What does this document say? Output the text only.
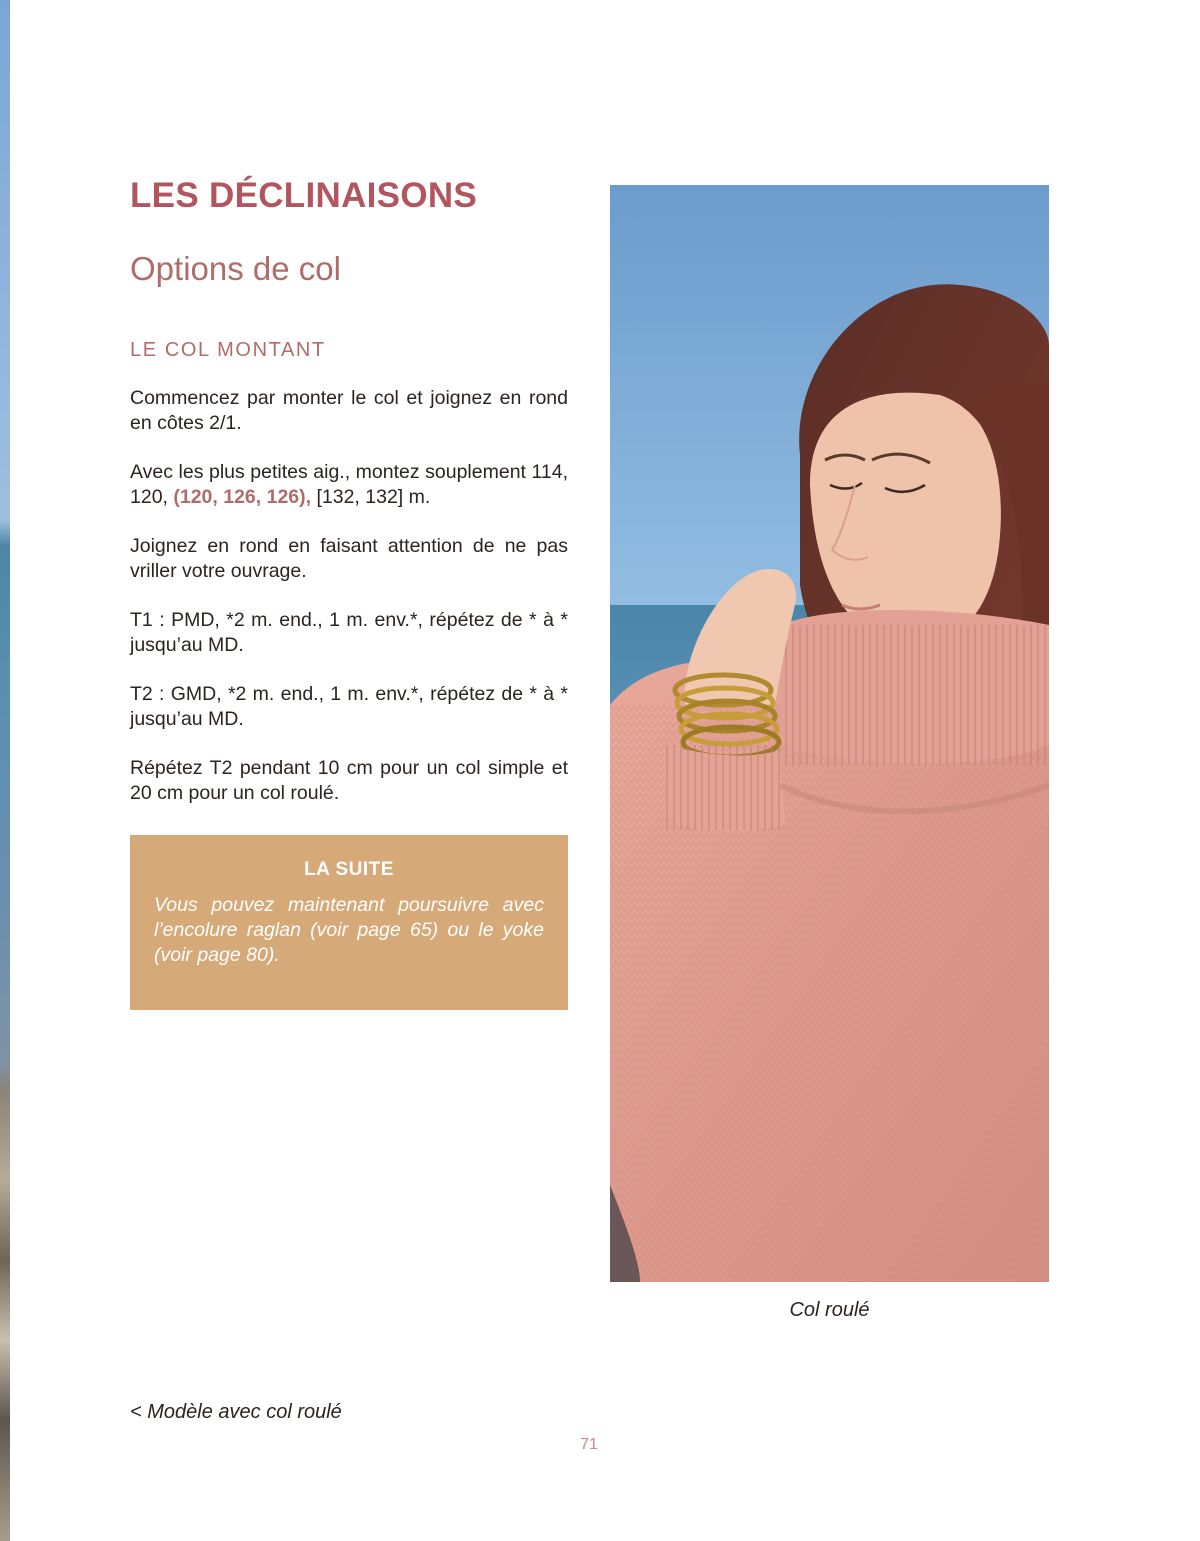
LES DÉCLINAISONS
Options de col
LE COL MONTANT

Commencez par monter le col et joignez en rond en côtes 2/1.

Avec les plus petites aig., montez souplement 114, 120, (120, 126, 126), [132, 132] m.

Joignez en rond en faisant attention de ne pas vriller votre ouvrage.

T1 : PMD, *2 m. end., 1 m. env.*, répétez de * à * jusqu’au MD.

T2 : GMD, *2 m. end., 1 m. env.*, répétez de * à * jusqu’au MD.

Répétez T2 pendant 10 cm pour un col simple et 20 cm pour un col roulé.

LA SUITE

Vous pouvez maintenant poursuivre avec l’encolure raglan (voir page 65) ou le yoke (voir page 80).

Col roulé
< Modèle avec col roulé
71
